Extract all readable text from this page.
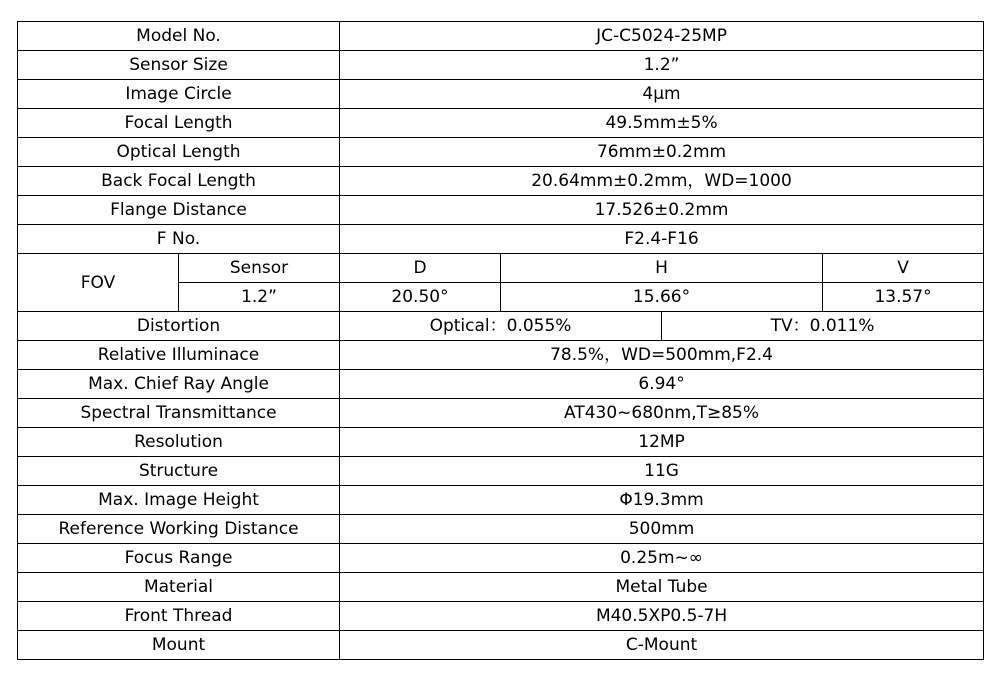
Model No.		JC-C5024-25MP			
Sensor Size		1.2”			
Image Circle		4μm			
Focal Length		49.5mm±5%			
Optical Length		76mm±0.2mm			
Back Focal Length		20.64mm±0.2mm，WD=1000			
Flange Distance		17.526±0.2mm			
F No.		F2.4-F16			
FOV	Sensor	D	H		V
	1.2”	20.50°	15.66°		13.57°
Distortion		Optical：0.055%		TV：0.011%	
Relative Illuminace		78.5%，WD=500mm,F2.4			
Max. Chief Ray Angle		6.94°			
Spectral Transmittance		AT430~680nm,T≥85%			
Resolution		12MP			
Structure		11G			
Max. Image Height		Φ19.3mm			
Reference Working Distance		500mm			
Focus Range		0.25m~∞			
Material		Metal Tube			
Front Thread		M40.5XP0.5-7H			
Mount		C-Mount			
